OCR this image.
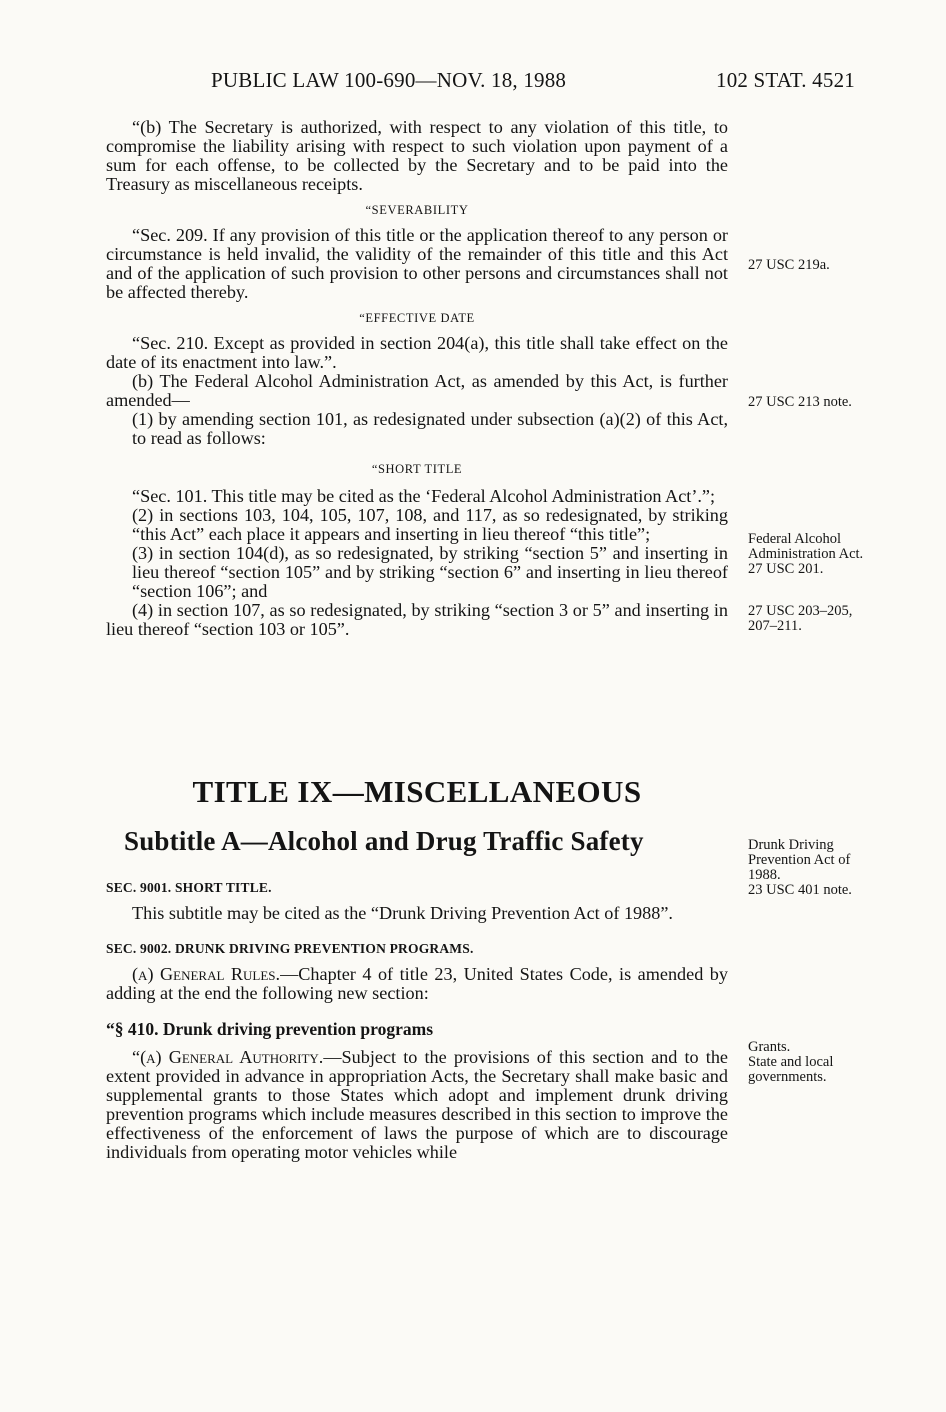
PUBLIC LAW 100-690—NOV. 18, 1988	102 STAT. 4521

“(b) The Secretary is authorized, with respect to any violation of this title, to compromise the liability arising with respect to such violation upon payment of a sum for each offense, to be collected by the Secretary and to be paid into the Treasury as miscellaneous receipts.

“SEVERABILITY

“Sec. 209. If any provision of this title or the application thereof to any person or circumstance is held invalid, the validity of the remainder of this title and this Act and of the application of such provision to other persons and circumstances shall not be affected thereby.

“EFFECTIVE DATE

“Sec. 210. Except as provided in section 204(a), this title shall take effect on the date of its enactment into law.”.

(b) The Federal Alcohol Administration Act, as amended by this Act, is further amended—

(1) by amending section 101, as redesignated under subsection (a)(2) of this Act, to read as follows:

“SHORT TITLE

“Sec. 101. This title may be cited as the ‘Federal Alcohol Administration Act’.”;

(2) in sections 103, 104, 105, 107, 108, and 117, as so redesignated, by striking “this Act” each place it appears and inserting in lieu thereof “this title”;

(3) in section 104(d), as so redesignated, by striking “section 5” and inserting in lieu thereof “section 105” and by striking “section 6” and inserting in lieu thereof “section 106”; and

(4) in section 107, as so redesignated, by striking “section 3 or 5” and inserting in lieu thereof “section 103 or 105”.

TITLE IX—MISCELLANEOUS
Subtitle A—Alcohol and Drug Traffic Safety
SEC. 9001. SHORT TITLE.

This subtitle may be cited as the “Drunk Driving Prevention Act of 1988”.

SEC. 9002. DRUNK DRIVING PREVENTION PROGRAMS.

(a) General Rules.—Chapter 4 of title 23, United States Code, is amended by adding at the end the following new section:

“§ 410. Drunk driving prevention programs

“(a) General Authority.—Subject to the provisions of this section and to the extent provided in advance in appropriation Acts, the Secretary shall make basic and supplemental grants to those States which adopt and implement drunk driving prevention programs which include measures described in this section to improve the effectiveness of the enforcement of laws the purpose of which are to discourage individuals from operating motor vehicles while

27 USC 219a.
27 USC 213 note.
Federal Alcohol Administration Act.
27 USC 201.
27 USC 203–205, 207–211.
Drunk Driving Prevention Act of 1988.
23 USC 401 note.
Grants.
State and local governments.
